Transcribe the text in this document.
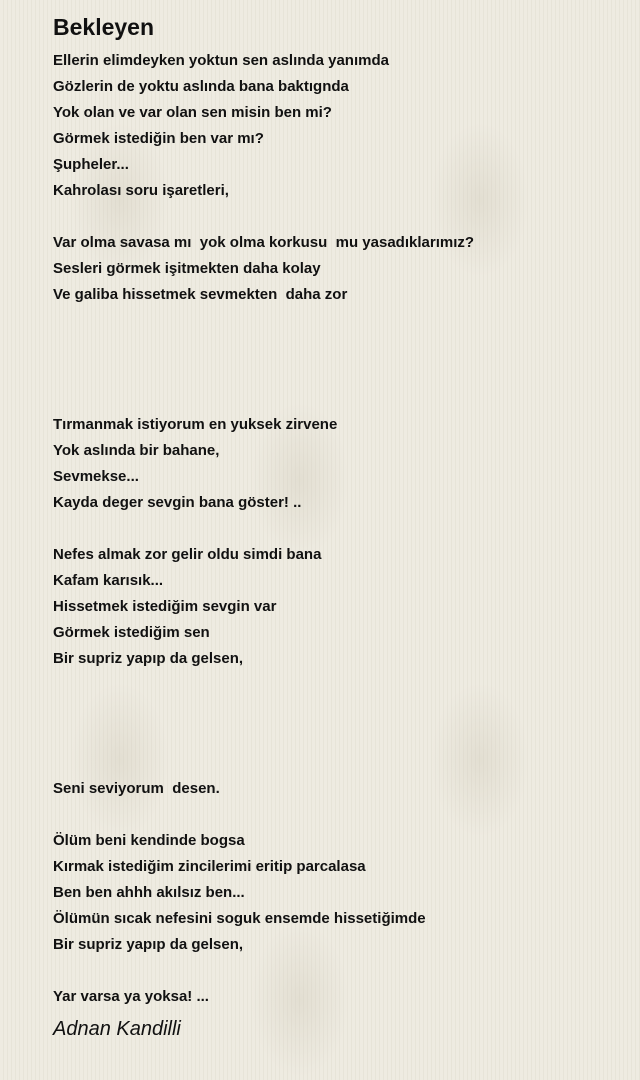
Bekleyen
Ellerin elimdeyken yoktun sen aslında yanımda
Gözlerin de yoktu aslında bana baktıgnda
Yok olan ve var olan sen misin ben mi?
Görmek istediğin ben var mı?
Şupheler...
Kahrolası soru işaretleri,
Var olma savasa mı  yok olma korkusu  mu yasadıklarımız?
Sesleri görmek işitmekten daha kolay
Ve galiba hissetmek sevmekten  daha zor
Tırmanmak istiyorum en yuksek zirvene
Yok aslında bir bahane,
Sevmekse...
Kayda deger sevgin bana göster! ..
Nefes almak zor gelir oldu simdi bana
Kafam karısık...
Hissetmek istediğim sevgin var
Görmek istediğim sen
Bir supriz yapıp da gelsen,
Seni seviyorum  desen.
Ölüm beni kendinde bogsa
Kırmak istediğim zincilerimi eritip parcalasa
Ben ben ahhh akılsız ben...
Ölümün sıcak nefesini soguk ensemde hissetiğimde
Bir supriz yapıp da gelsen,
Yar varsa ya yoksa! ...
Adnan Kandilli
